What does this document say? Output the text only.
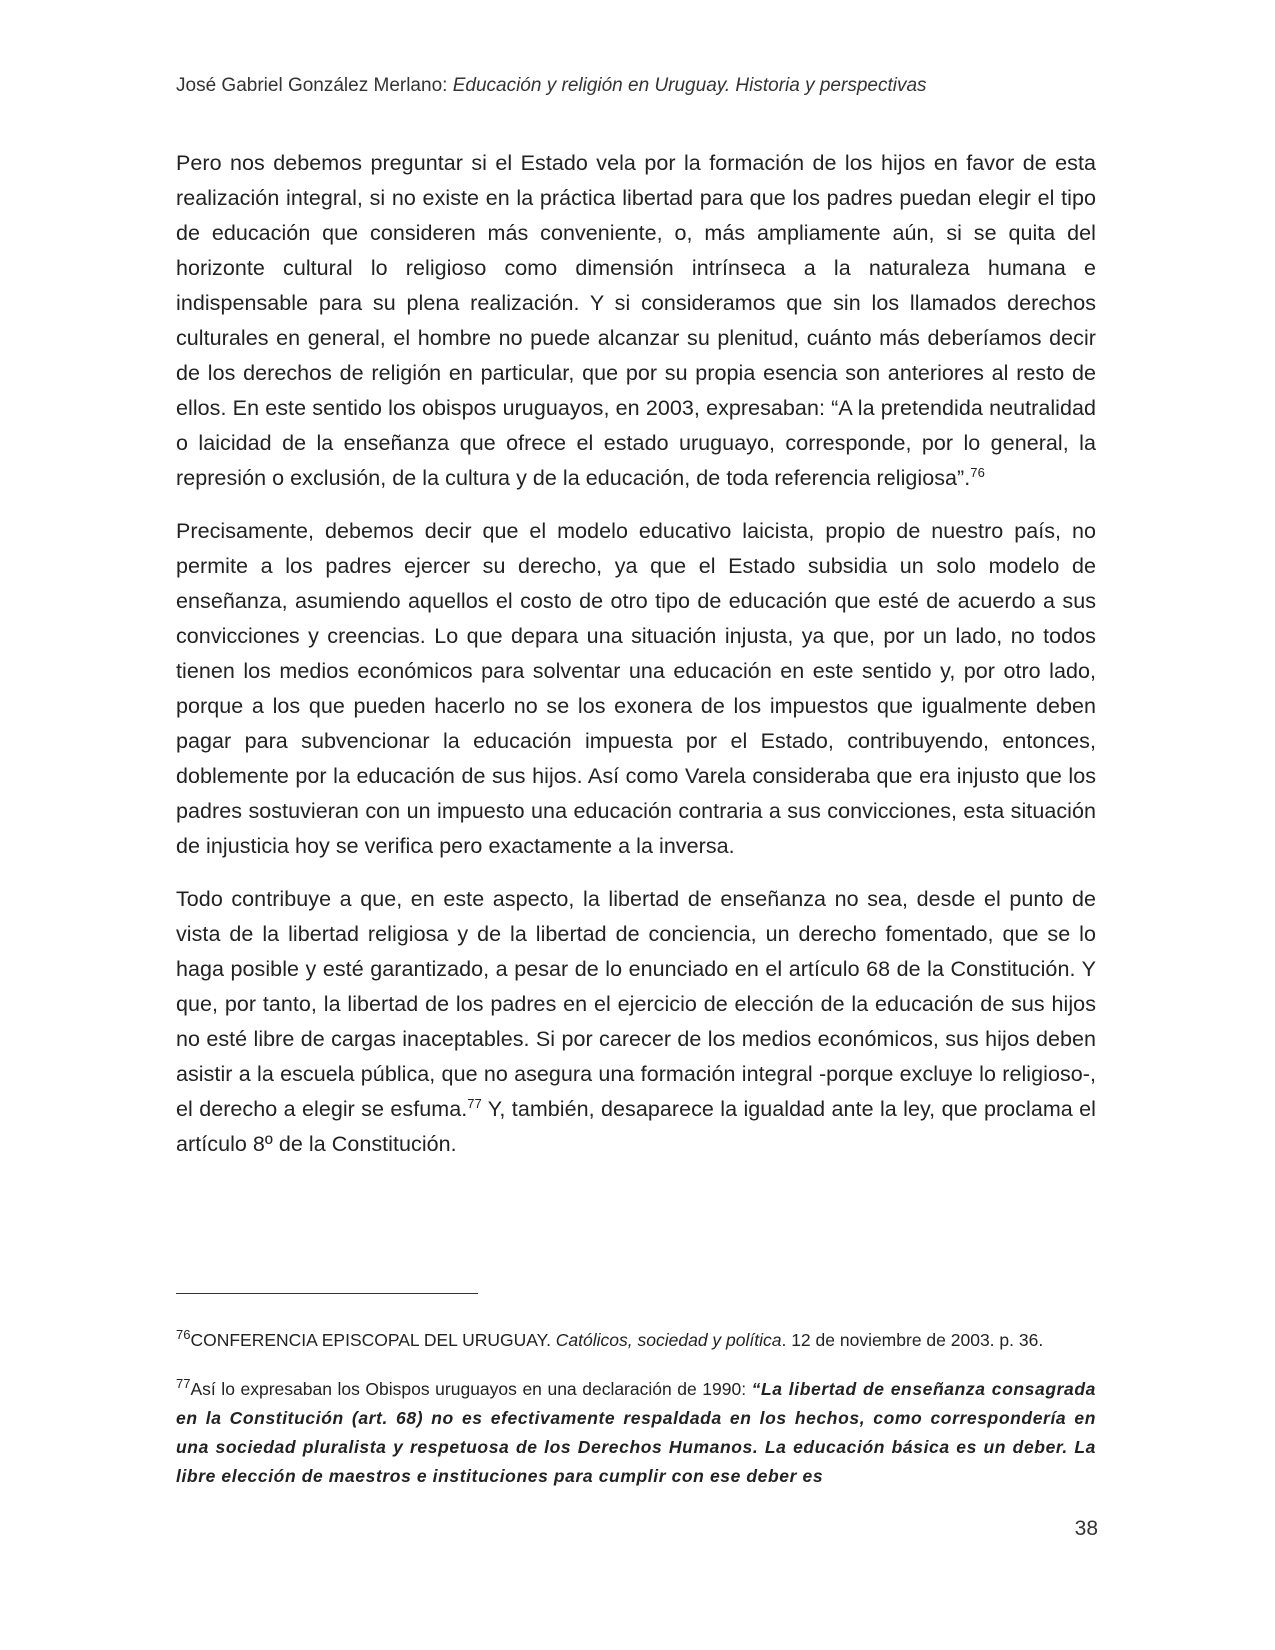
José Gabriel González Merlano: Educación y religión en Uruguay. Historia y perspectivas

Pero nos debemos preguntar si el Estado vela por la formación de los hijos en favor de esta realización integral, si no existe en la práctica libertad para que los padres puedan elegir el tipo de educación que consideren más conveniente, o, más ampliamente aún, si se quita del horizonte cultural lo religioso como dimensión intrínseca a la naturaleza humana e indispensable para su plena realización. Y si consideramos que sin los llamados derechos culturales en general, el hombre no puede alcanzar su plenitud, cuánto más deberíamos decir de los derechos de religión en particular, que por su propia esencia son anteriores al resto de ellos. En este sentido los obispos uruguayos, en 2003, expresaban: “A la pretendida neutralidad o laicidad de la enseñanza que ofrece el estado uruguayo, corresponde, por lo general, la represión o exclusión, de la cultura y de la educación, de toda referencia religiosa”.$^{76}$

Precisamente, debemos decir que el modelo educativo laicista, propio de nuestro país, no permite a los padres ejercer su derecho, ya que el Estado subsidia un solo modelo de enseñanza, asumiendo aquellos el costo de otro tipo de educación que esté de acuerdo a sus convicciones y creencias. Lo que depara una situación injusta, ya que, por un lado, no todos tienen los medios económicos para solventar una educación en este sentido y, por otro lado, porque a los que pueden hacerlo no se los exonera de los impuestos que igualmente deben pagar para subvencionar la educación impuesta por el Estado, contribuyendo, entonces, doblemente por la educación de sus hijos. Así como Varela consideraba que era injusto que los padres sostuvieran con un impuesto una educación contraria a sus convicciones, esta situación de injusticia hoy se verifica pero exactamente a la inversa.

Todo contribuye a que, en este aspecto, la libertad de enseñanza no sea, desde el punto de vista de la libertad religiosa y de la libertad de conciencia, un derecho fomentado, que se lo haga posible y esté garantizado, a pesar de lo enunciado en el artículo 68 de la Constitución. Y que, por tanto, la libertad de los padres en el ejercicio de elección de la educación de sus hijos no esté libre de cargas inaceptables. Si por carecer de los medios económicos, sus hijos deben asistir a la escuela pública, que no asegura una formación integral -porque excluye lo religioso-, el derecho a elegir se esfuma.$^{77}$ Y, también, desaparece la igualdad ante la ley, que proclama el artículo 8º de la Constitución.

$^{76}$CONFERENCIA EPISCOPAL DEL URUGUAY. Católicos, sociedad y política. 12 de noviembre de 2003. p. 36.

$^{77}$Así lo expresaban los Obispos uruguayos en una declaración de 1990: “La libertad de enseñanza consagrada en la Constitución (art. 68) no es efectivamente respaldada en los hechos, como correspondería en una sociedad pluralista y respetuosa de los Derechos Humanos. La educación básica es un deber. La libre elección de maestros e instituciones para cumplir con ese deber es

38
